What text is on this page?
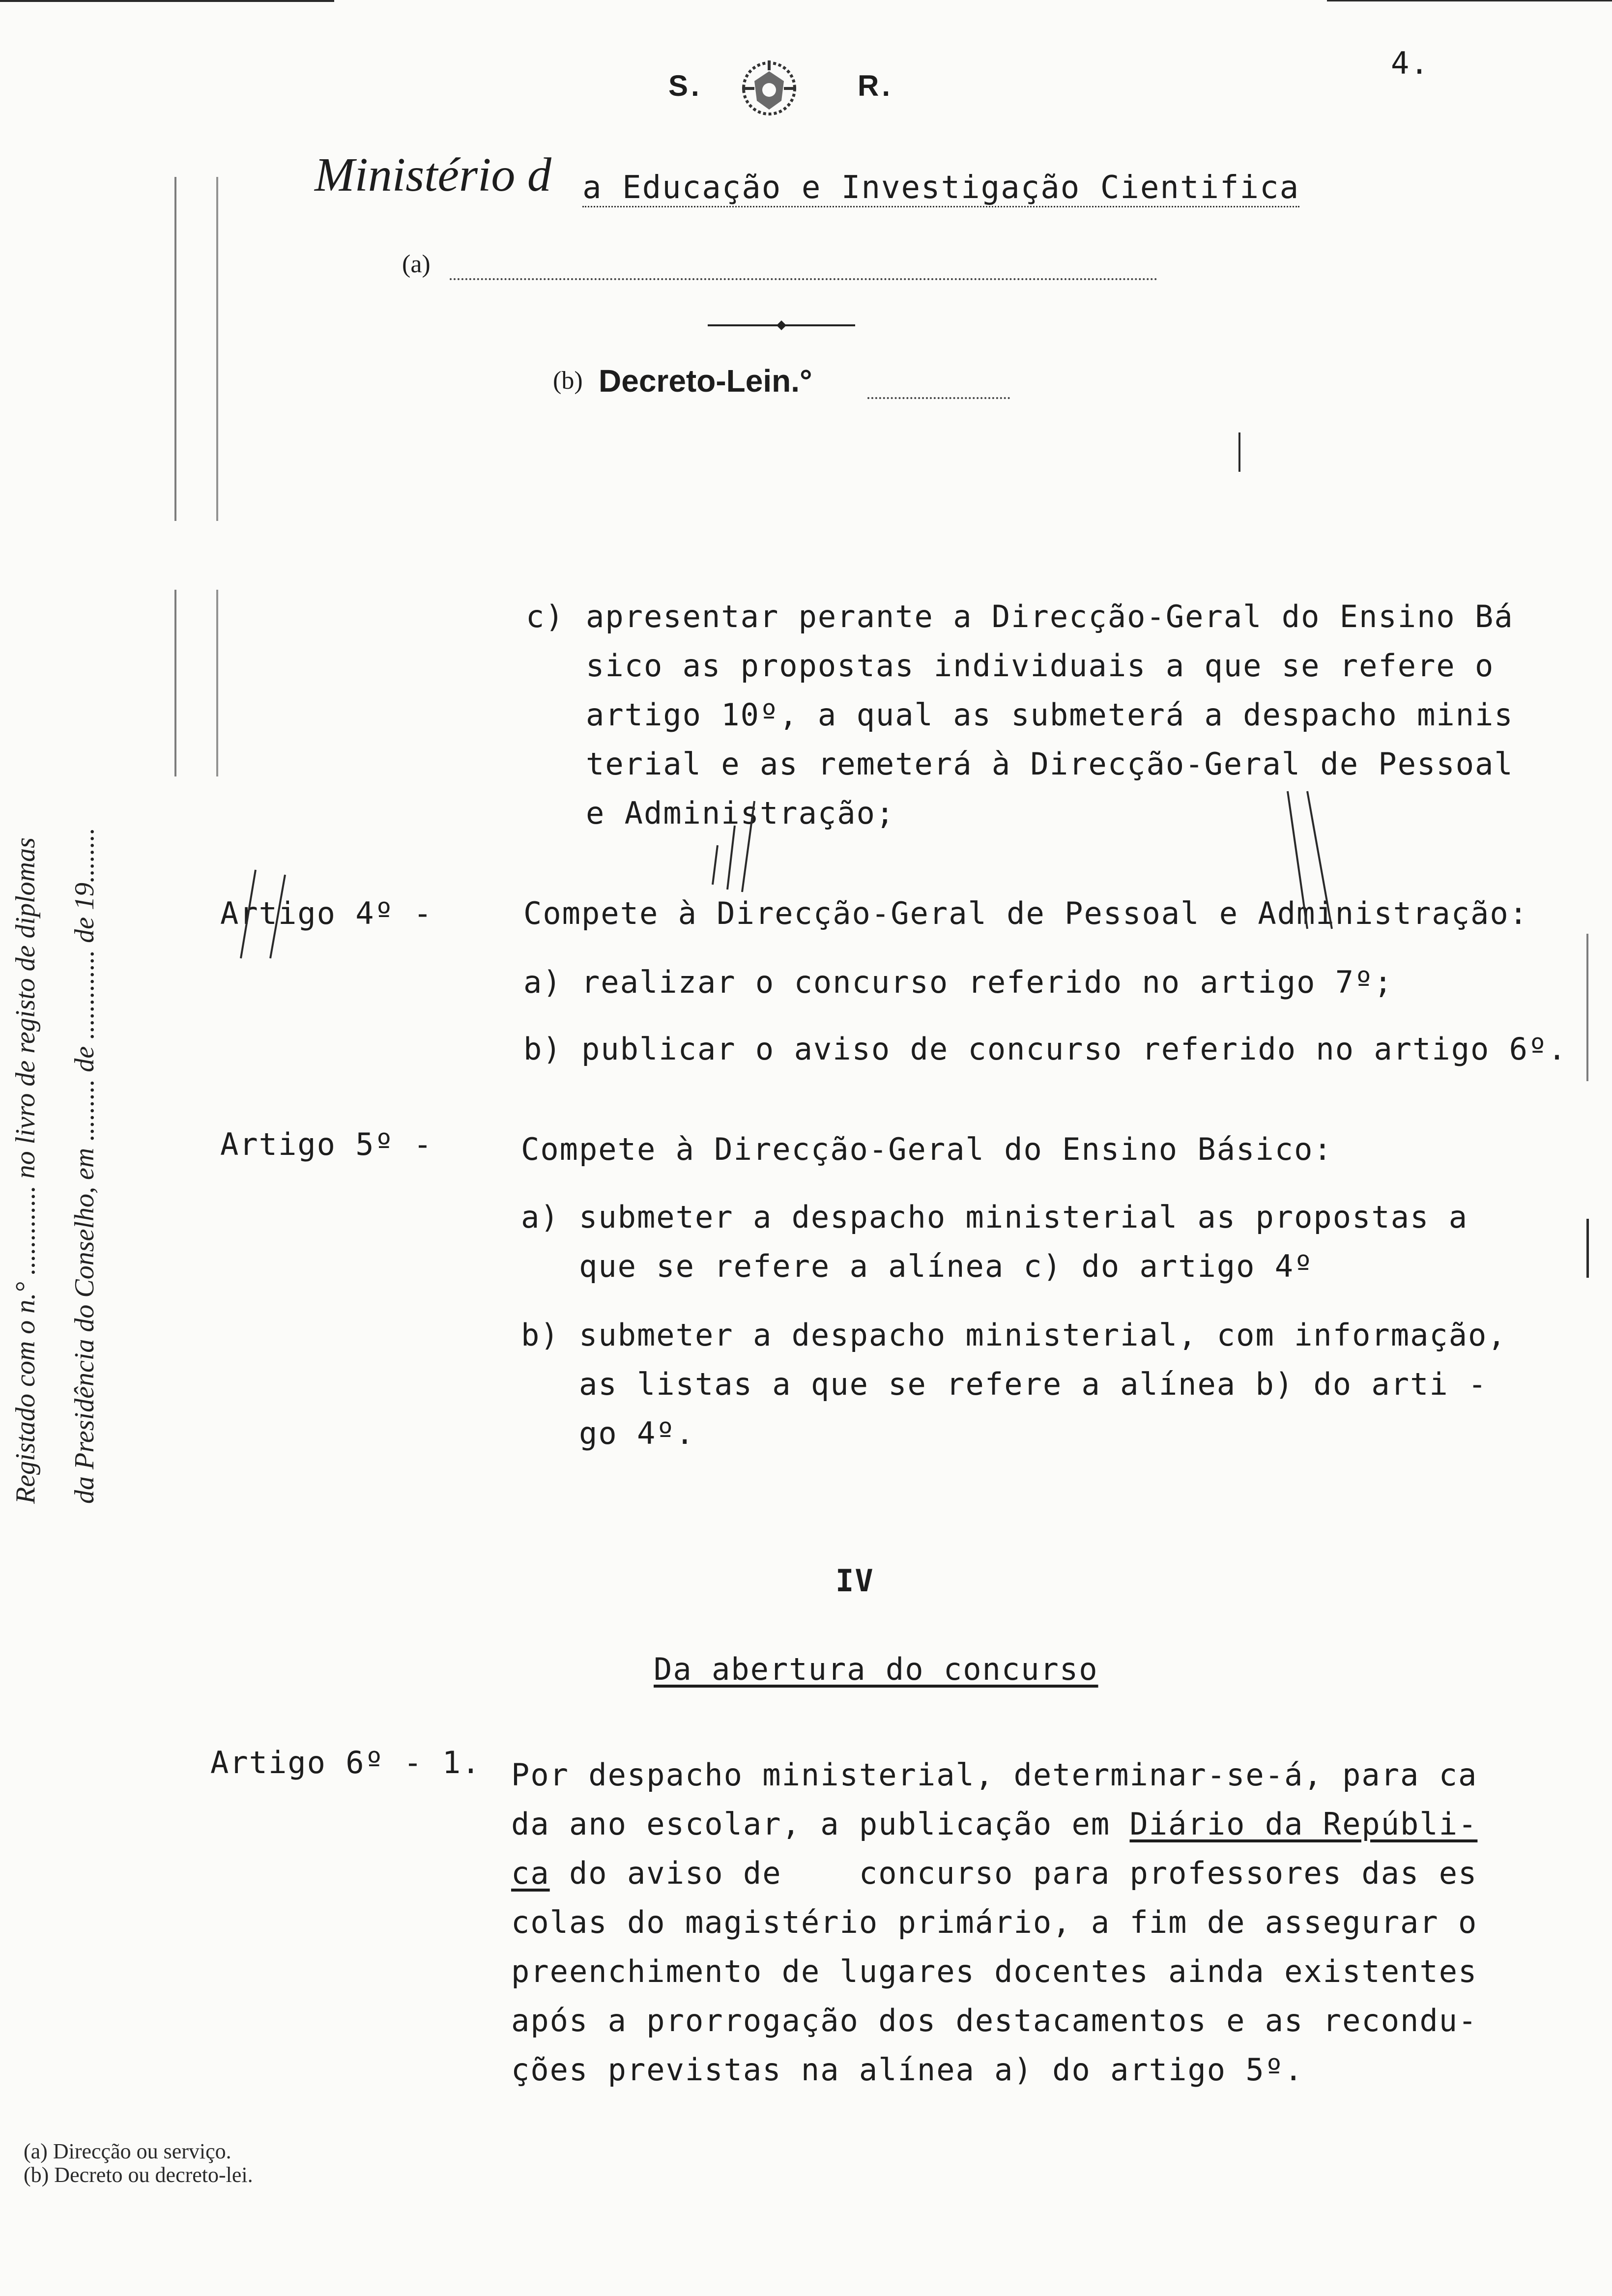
S.	R.
4.
Ministério d a Educação e Investigação Cientifica
(a)
(b) Decreto-Lein.°
Registado com o n.° ............. no livro de registo de diplomas da Presidência do Conselho, em ......... de ............. de 19........
c) apresentar perante a Direcção-Geral do Ensino Bá
sico as propostas individuais a que se refere o
artigo 10º, a qual as submeterá a despacho minis
terial e as remeterá à Direcção-Geral de Pessoal
e Administração;
Artigo 4º -	Compete à Direcção-Geral de Pessoal e Administração:
a) realizar o concurso referido no artigo 7º;
b) publicar o aviso de concurso referido no artigo 6º.
Artigo 5º -	Compete à Direcção-Geral do Ensino Básico:
a) submeter a despacho ministerial as propostas a
que se refere a alínea c) do artigo 4º
b) submeter a despacho ministerial, com informação,
as listas a que se refere a alínea b) do arti -
go 4º.
IV
Da abertura do concurso
Artigo 6º - 1. Por despacho ministerial, determinar-se-á, para ca
da ano escolar, a publicação em Diário da Repúbli-
ca do aviso de    concurso para professores das es
colas do magistério primário, a fim de assegurar o
preenchimento de lugares docentes ainda existentes
após a prorrogação dos destacamentos e as recondu-
ções previstas na alínea a) do artigo 5º.
(a) Direcção ou serviço.
(b) Decreto ou decreto-lei.
